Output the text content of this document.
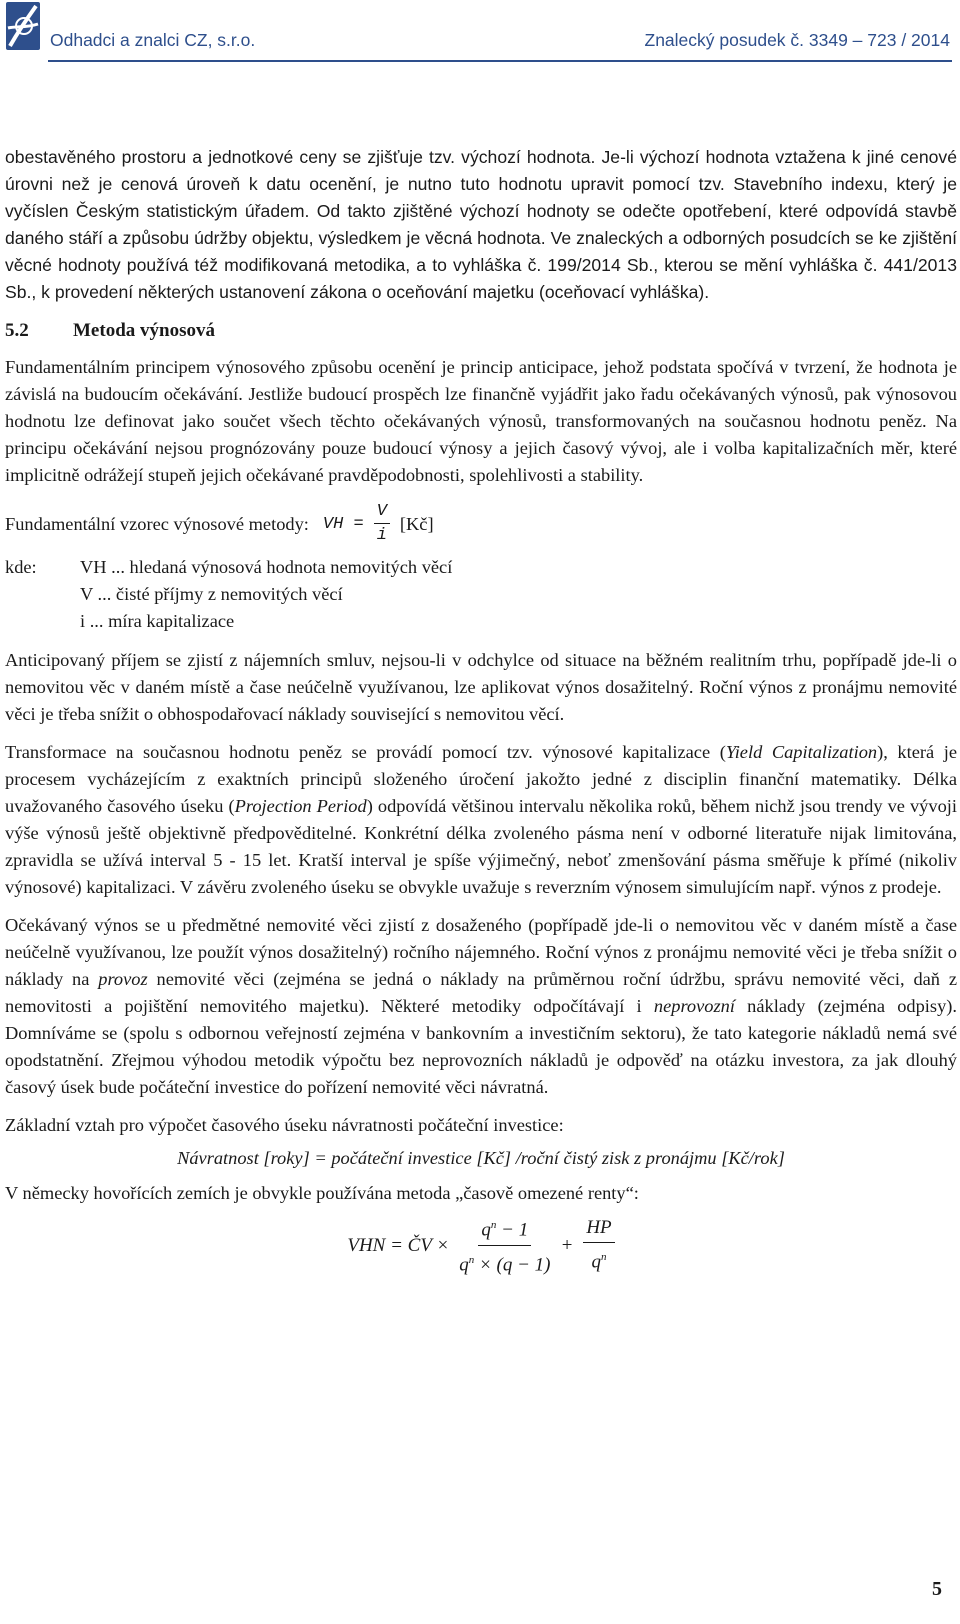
Odhadci a znalci CZ, s.r.o.	Znalecký posudek č. 3349 – 723 / 2014

obestavěného prostoru a jednotkové ceny se zjišťuje tzv. výchozí hodnota. Je-li výchozí hodnota vztažena k jiné cenové úrovni než je cenová úroveň k datu ocenění, je nutno tuto hodnotu upravit pomocí tzv. Stavebního indexu, který je vyčíslen Českým statistickým úřadem. Od takto zjištěné výchozí hodnoty se odečte opotřebení, které odpovídá stavbě daného stáří a způsobu údržby objektu, výsledkem je věcná hodnota. Ve znaleckých a odborných posudcích se ke zjištění věcné hodnoty používá též modifikovaná metodika, a to vyhláška č. 199/2014 Sb., kterou se mění vyhláška č. 441/2013 Sb., k provedení některých ustanovení zákona o oceňování majetku (oceňovací vyhláška).

5.2 Metoda výnosová

Fundamentálním principem výnosového způsobu ocenění je princip anticipace, jehož podstata spočívá v tvrzení, že hodnota je závislá na budoucím očekávání. Jestliže budoucí prospěch lze finančně vyjádřit jako řadu očekávaných výnosů, pak výnosovou hodnotu lze definovat jako součet všech těchto očekávaných výnosů, transformovaných na současnou hodnotu peněz. Na principu očekávání nejsou prognózovány pouze budoucí výnosy a jejich časový vývoj, ale i volba kapitalizačních měr, které implicitně odrážejí stupeň jejich očekávané pravděpodobnosti, spolehlivosti a stability.

Fundamentální vzorec výnosové metody: VH = $\frac{V}{i}$ [Kč]
kde:	VH ... hledaná výnosová hodnota nemovitých věcí
V ... čisté příjmy z nemovitých věcí
i ... míra kapitalizace

Anticipovaný příjem se zjistí z nájemních smluv, nejsou-li v odchylce od situace na běžném realitním trhu, popřípadě jde-li o nemovitou věc v daném místě a čase neúčelně využívanou, lze aplikovat výnos dosažitelný. Roční výnos z pronájmu nemovité věci je třeba snížit o obhospodařovací náklady související s nemovitou věcí.

Transformace na současnou hodnotu peněz se provádí pomocí tzv. výnosové kapitalizace (Yield Capitalization), která je procesem vycházejícím z exaktních principů složeného úročení jakožto jedné z disciplin finanční matematiky. Délka uvažovaného časového úseku (Projection Period) odpovídá většinou intervalu několika roků, během nichž jsou trendy ve vývoji výše výnosů ještě objektivně předpověditelné. Konkrétní délka zvoleného pásma není v odborné literatuře nijak limitována, zpravidla se užívá interval 5 - 15 let. Kratší interval je spíše výjimečný, neboť zmenšování pásma směřuje k přímé (nikoliv výnosové) kapitalizaci. V závěru zvoleného úseku se obvykle uvažuje s reverzním výnosem simulujícím např. výnos z prodeje.

Očekávaný výnos se u předmětné nemovité věci zjistí z dosaženého (popřípadě jde-li o nemovitou věc v daném místě a čase neúčelně využívanou, lze použít výnos dosažitelný) ročního nájemného. Roční výnos z pronájmu nemovité věci je třeba snížit o náklady na provoz nemovité věci (zejména se jedná o náklady na průměrnou roční údržbu, správu nemovité věci, daň z nemovitosti a pojištění nemovitého majetku). Některé metodiky odpočítávají i neprovozní náklady (zejména odpisy). Domníváme se (spolu s odbornou veřejností zejména v bankovním a investičním sektoru), že tato kategorie nákladů nemá své opodstatnění. Zřejmou výhodou metodik výpočtu bez neprovozních nákladů je odpověď na otázku investora, za jak dlouhý časový úsek bude počáteční investice do pořízení nemovité věci návratná.

Základní vztah pro výpočet časového úseku návratnosti počáteční investice:

Návratnost [roky] = počáteční investice [Kč] /roční čistý zisk z pronájmu [Kč/rok]

V německy hovořících zemích je obvykle používána metoda „časově omezené renty“:

VHN = ČV × $\frac{q^n - 1}{q^n \times (q - 1)} + \frac{HP}{q^n}$
5
